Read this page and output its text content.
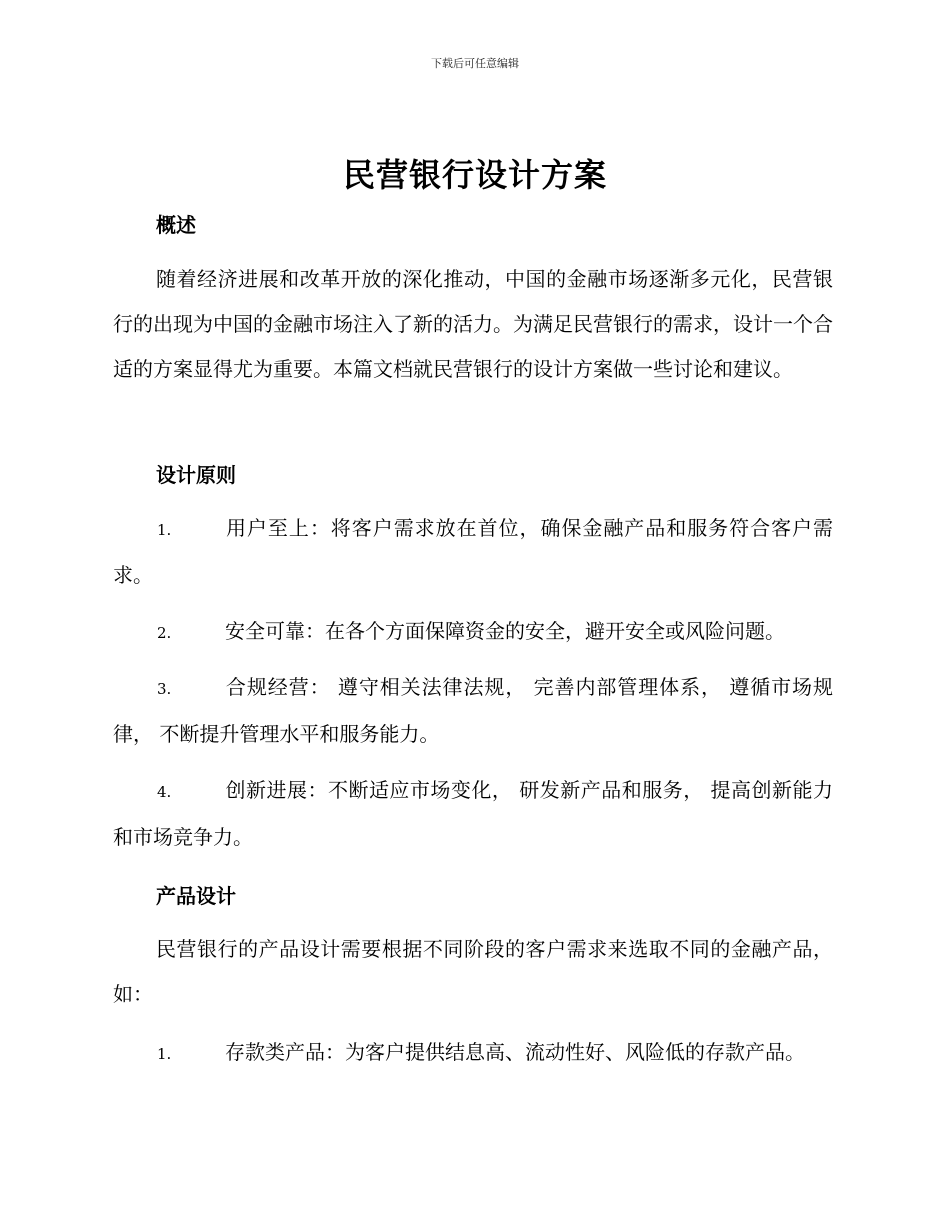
下载后可任意编辑
民营银行设计方案
概述
随着经济进展和改革开放的深化推动，中国的金融市场逐渐多元化，民营银行的出现为中国的金融市场注入了新的活力。为满足民营银行的需求，设计一个合适的方案显得尤为重要。本篇文档就民营银行的设计方案做一些讨论和建议。
设计原则
1.	用户至上：将客户需求放在首位，确保金融产品和服务符合客户需求。
2.	安全可靠：在各个方面保障资金的安全，避开安全或风险问题。
3.	合规经营： 遵守相关法律法规， 完善内部管理体系， 遵循市场规律， 不断提升管理水平和服务能力。
4.	创新进展：不断适应市场变化， 研发新产品和服务， 提高创新能力和市场竞争力。
产品设计
民营银行的产品设计需要根据不同阶段的客户需求来选取不同的金融产品，如：
1.	存款类产品：为客户提供结息高、流动性好、风险低的存款产品。
